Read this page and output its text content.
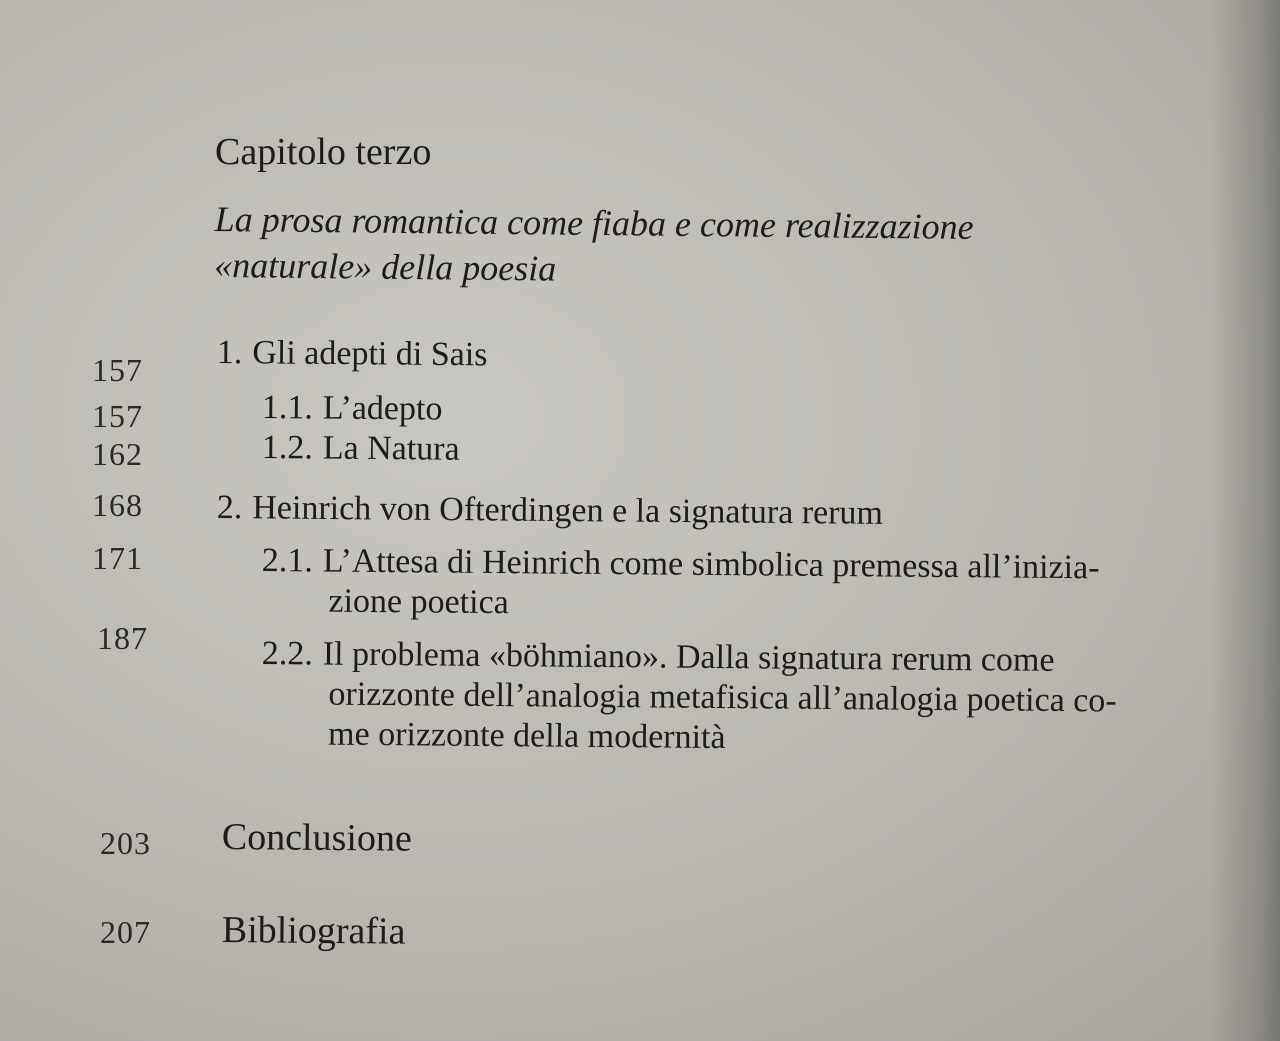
Capitolo terzo
La prosa romantica come fiaba e come realizzazione
«naturale» della poesia
157 1. Gli adepti di Sais
157	1.1. L’adepto
162	1.2. La Natura
168 2. Heinrich von Ofterdingen e la signatura rerum
171	2.1. L’Attesa di Heinrich come simbolica premessa all’inizia-
zione poetica
187	2.2. Il problema «böhmiano». Dalla signatura rerum come
orizzonte dell’analogia metafisica all’analogia poetica co-
me orizzonte della modernità
203 Conclusione
207 Bibliografia
